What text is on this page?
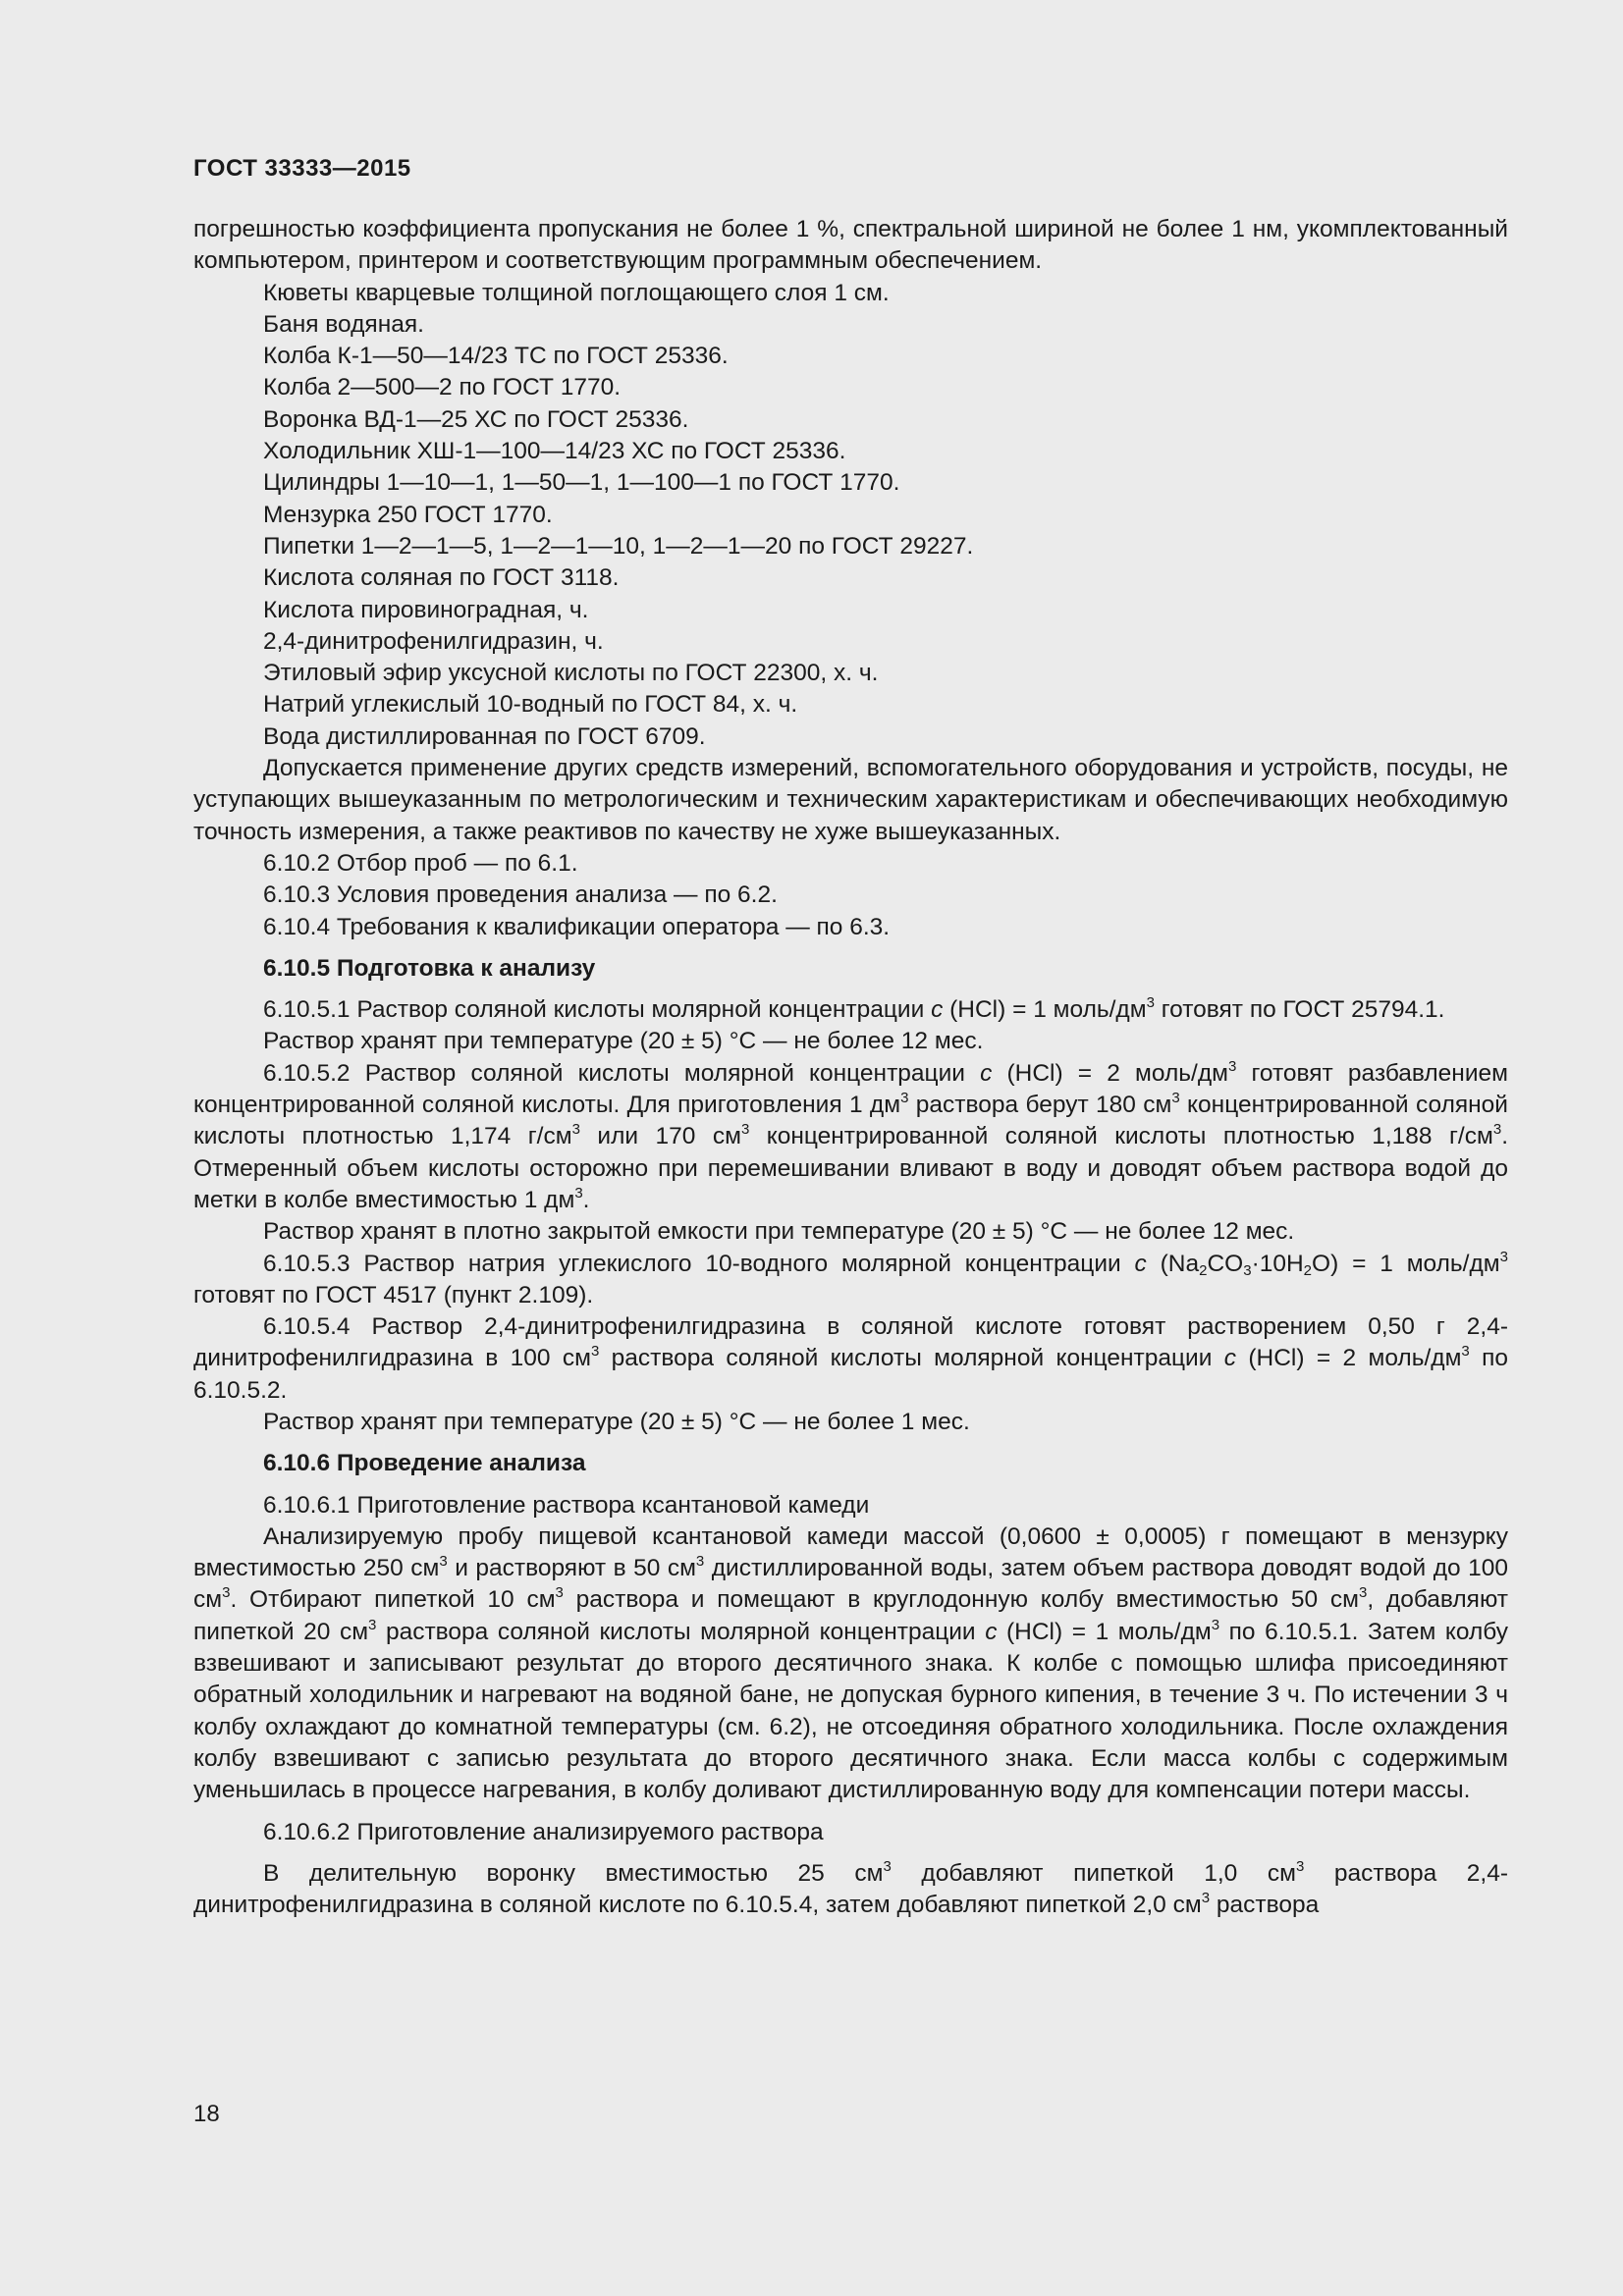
ГОСТ 33333—2015

погрешностью коэффициента пропускания не более 1 %, спектральной шириной не более 1 нм, укомплектованный компьютером, принтером и соответствующим программным обеспечением.

Кюветы кварцевые толщиной поглощающего слоя 1 см.

Баня водяная.

Колба К-1—50—14/23 ТС по ГОСТ 25336.

Колба 2—500—2 по ГОСТ 1770.

Воронка ВД-1—25 ХС по ГОСТ 25336.

Холодильник ХШ-1—100—14/23 ХС по ГОСТ 25336.

Цилиндры 1—10—1, 1—50—1, 1—100—1 по ГОСТ 1770.

Мензурка 250 ГОСТ 1770.

Пипетки 1—2—1—5, 1—2—1—10, 1—2—1—20 по ГОСТ 29227.

Кислота соляная по ГОСТ 3118.

Кислота пировиноградная, ч.

2,4-динитрофенилгидразин, ч.

Этиловый эфир уксусной кислоты по ГОСТ 22300, х. ч.

Натрий углекислый 10-водный по ГОСТ 84, х. ч.

Вода дистиллированная по ГОСТ 6709.

Допускается применение других средств измерений, вспомогательного оборудования и устройств, посуды, не уступающих вышеуказанным по метрологическим и техническим характеристикам и обеспечивающих необходимую точность измерения, а также реактивов по качеству не хуже вышеуказанных.

6.10.2 Отбор проб — по 6.1.

6.10.3 Условия проведения анализа — по 6.2.

6.10.4 Требования к квалификации оператора — по 6.3.

6.10.5 Подготовка к анализу

6.10.5.1 Раствор соляной кислоты молярной концентрации c (HCl) = 1 моль/$дм^3$ готовят по ГОСТ 25794.1.

Раствор хранят при температуре (20 ± 5) °С — не более 12 мес.

6.10.5.2 Раствор соляной кислоты молярной концентрации c (HCl) = 2 моль/$дм^3$ готовят разбавлением концентрированной соляной кислоты. Для приготовления 1 $дм^3$ раствора берут 180 $см^3$ концентрированной соляной кислоты плотностью 1,174 $г/см^3$ или 170 $см^3$ концентрированной соляной кислоты плотностью 1,188 $г/см^3$. Отмеренный объем кислоты осторожно при перемешивании вливают в воду и доводят объем раствора водой до метки в колбе вместимостью 1 $дм^3$.

Раствор хранят в плотно закрытой емкости при температуре (20 ± 5) °С — не более 12 мес.

6.10.5.3 Раствор натрия углекислого 10-водного молярной концентрации c $(Na_2CO_3\cdot 10H_2O) = 1$ моль/$дм^3$ готовят по ГОСТ 4517 (пункт 2.109).

6.10.5.4 Раствор 2,4-динитрофенилгидразина в соляной кислоте готовят растворением 0,50 г 2,4-динитрофенилгидразина в 100 $см^3$ раствора соляной кислоты молярной концентрации c (HCl) = 2 моль/$дм^3$ по 6.10.5.2.

Раствор хранят при температуре (20 ± 5) °С — не более 1 мес.

6.10.6 Проведение анализа

6.10.6.1 Приготовление раствора ксантановой камеди

Анализируемую пробу пищевой ксантановой камеди массой (0,0600 ± 0,0005) г помещают в мензурку вместимостью 250 $см^3$ и растворяют в 50 $см^3$ дистиллированной воды, затем объем раствора доводят водой до 100 $см^3$. Отбирают пипеткой 10 $см^3$ раствора и помещают в круглодонную колбу вместимостью 50 $см^3$, добавляют пипеткой 20 $см^3$ раствора соляной кислоты молярной концентрации c (HCl) = 1 моль/$дм^3$ по 6.10.5.1. Затем колбу взвешивают и записывают результат до второго десятичного знака. К колбе с помощью шлифа присоединяют обратный холодильник и нагревают на водяной бане, не допуская бурного кипения, в течение 3 ч. По истечении 3 ч колбу охлаждают до комнатной температуры (см. 6.2), не отсоединяя обратного холодильника. После охлаждения колбу взвешивают с записью результата до второго десятичного знака. Если масса колбы с содержимым уменьшилась в процессе нагревания, в колбу доливают дистиллированную воду для компенсации потери массы.

6.10.6.2 Приготовление анализируемого раствора

В делительную воронку вместимостью 25 $см^3$ добавляют пипеткой 1,0 $см^3$ раствора 2,4-динитрофенилгидразина в соляной кислоте по 6.10.5.4, затем добавляют пипеткой 2,0 $см^3$ раствора

18
